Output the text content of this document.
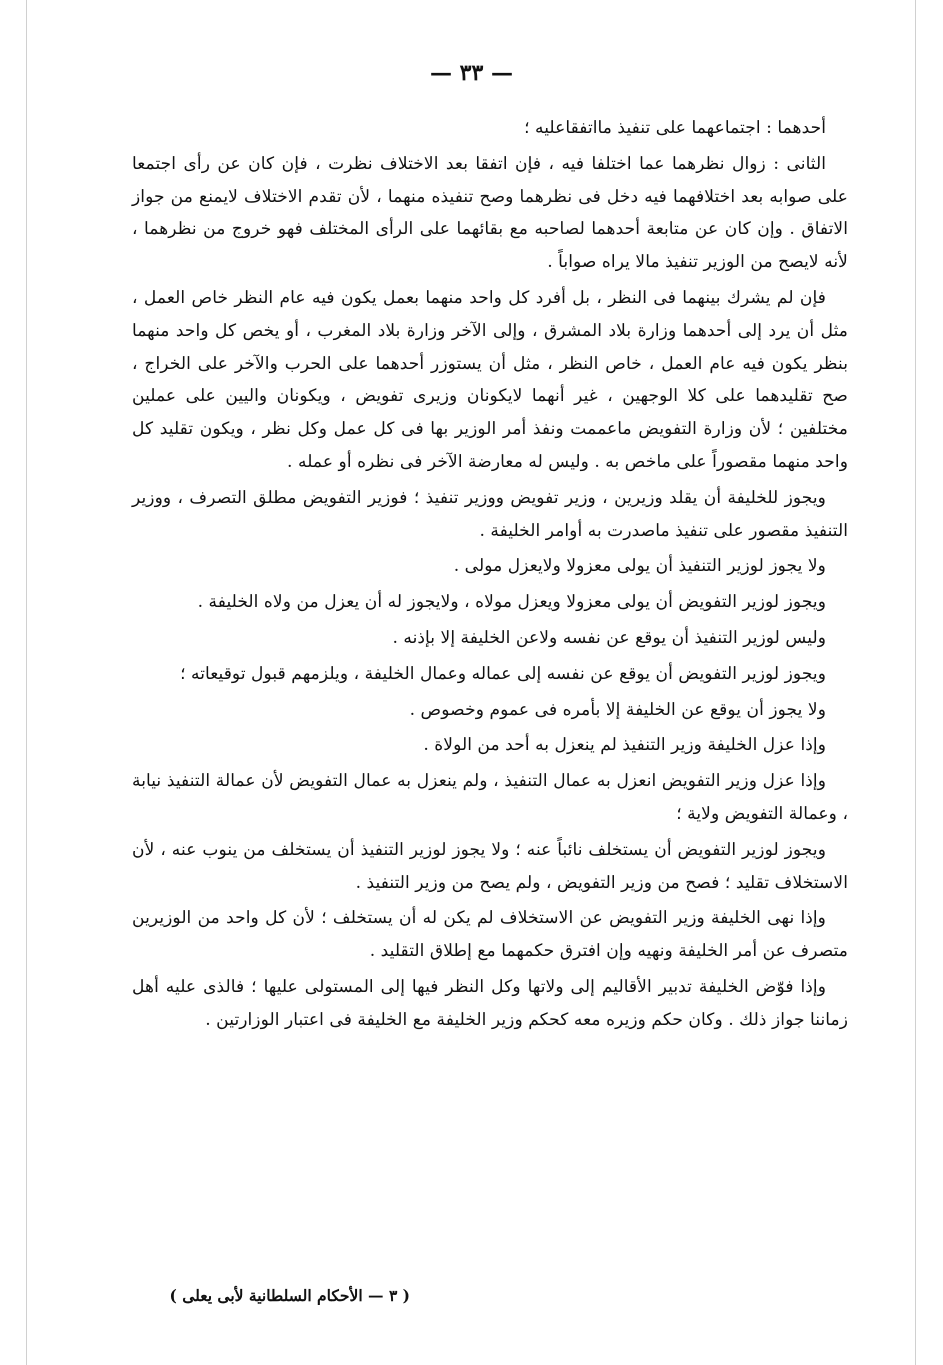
— ٣٣ —

أحدهما : اجتماعهما على تنفيذ مااتفقاعليه ؛

الثانى : زوال نظرهما عما اختلفا فيه ، فإن اتفقا بعد الاختلاف نظرت ، فإن كان عن رأى اجتمعا على صوابه بعد اختلافهما فيه دخل فى نظرهما وصح تنفيذه منهما ، لأن تقدم الاختلاف لايمنع من جواز الاتفاق . وإن كان عن متابعة أحدهما لصاحبه مع بقائهما على الرأى المختلف فهو خروج من نظرهما ، لأنه لايصح من الوزير تنفيذ مالا يراه صواباً .

فإن لم يشرك بينهما فى النظر ، بل أفرد كل واحد منهما بعمل يكون فيه عام النظر خاص العمل ، مثل أن يرد إلى أحدهما وزارة بلاد المشرق ، وإلى الآخر وزارة بلاد المغرب ، أو يخص كل واحد منهما بنظر يكون فيه عام العمل ، خاص النظر ، مثل أن يستوزر أحدهما على الحرب والآخر على الخراج ، صح تقليدهما على كلا الوجهين ، غير أنهما لايكونان وزيرى تفويض ، ويكونان واليين على عملين مختلفين ؛ لأن وزارة التفويض ماعممت ونفذ أمر الوزير بها فى كل عمل وكل نظر ، ويكون تقليد كل واحد منهما مقصوراً على ماخص به . وليس له معارضة الآخر فى نظره أو عمله .

ويجوز للخليفة أن يقلد وزيرين ، وزير تفويض ووزير تنفيذ ؛ فوزير التفويض مطلق التصرف ، ووزير التنفيذ مقصور على تنفيذ ماصدرت به أوامر الخليفة .

ولا يجوز لوزير التنفيذ أن يولى معزولا ولايعزل مولى .

ويجوز لوزير التفويض أن يولى معزولا ويعزل مولاه ، ولايجوز له أن يعزل من ولاه الخليفة .

وليس لوزير التنفيذ أن يوقع عن نفسه ولاعن الخليفة إلا بإذنه .

ويجوز لوزير التفويض أن يوقع عن نفسه إلى عماله وعمال الخليفة ، ويلزمهم قبول توقيعاته ؛

ولا يجوز أن يوقع عن الخليفة إلا بأمره فى عموم وخصوص .

وإذا عزل الخليفة وزير التنفيذ لم ينعزل به أحد من الولاة .

وإذا عزل وزير التفويض انعزل به عمال التنفيذ ، ولم ينعزل به عمال التفويض لأن عمالة التنفيذ نيابة ، وعمالة التفويض ولاية ؛

ويجوز لوزير التفويض أن يستخلف نائباً عنه ؛ ولا يجوز لوزير التنفيذ أن يستخلف من ينوب عنه ، لأن الاستخلاف تقليد ؛ فصح من وزير التفويض ، ولم يصح من وزير التنفيذ .

وإذا نهى الخليفة وزير التفويض عن الاستخلاف لم يكن له أن يستخلف ؛ لأن كل واحد من الوزيرين متصرف عن أمر الخليفة ونهيه وإن افترق حكمهما مع إطلاق التقليد .

وإذا فوّض الخليفة تدبير الأقاليم إلى ولاتها وكل النظر فيها إلى المستولى عليها ؛ فالذى عليه أهل زماننا جواز ذلك . وكان حكم وزيره معه كحكم وزير الخليفة مع الخليفة فى اعتبار الوزارتين .

( ٣ — الأحكام السلطانية لأبى يعلى )
